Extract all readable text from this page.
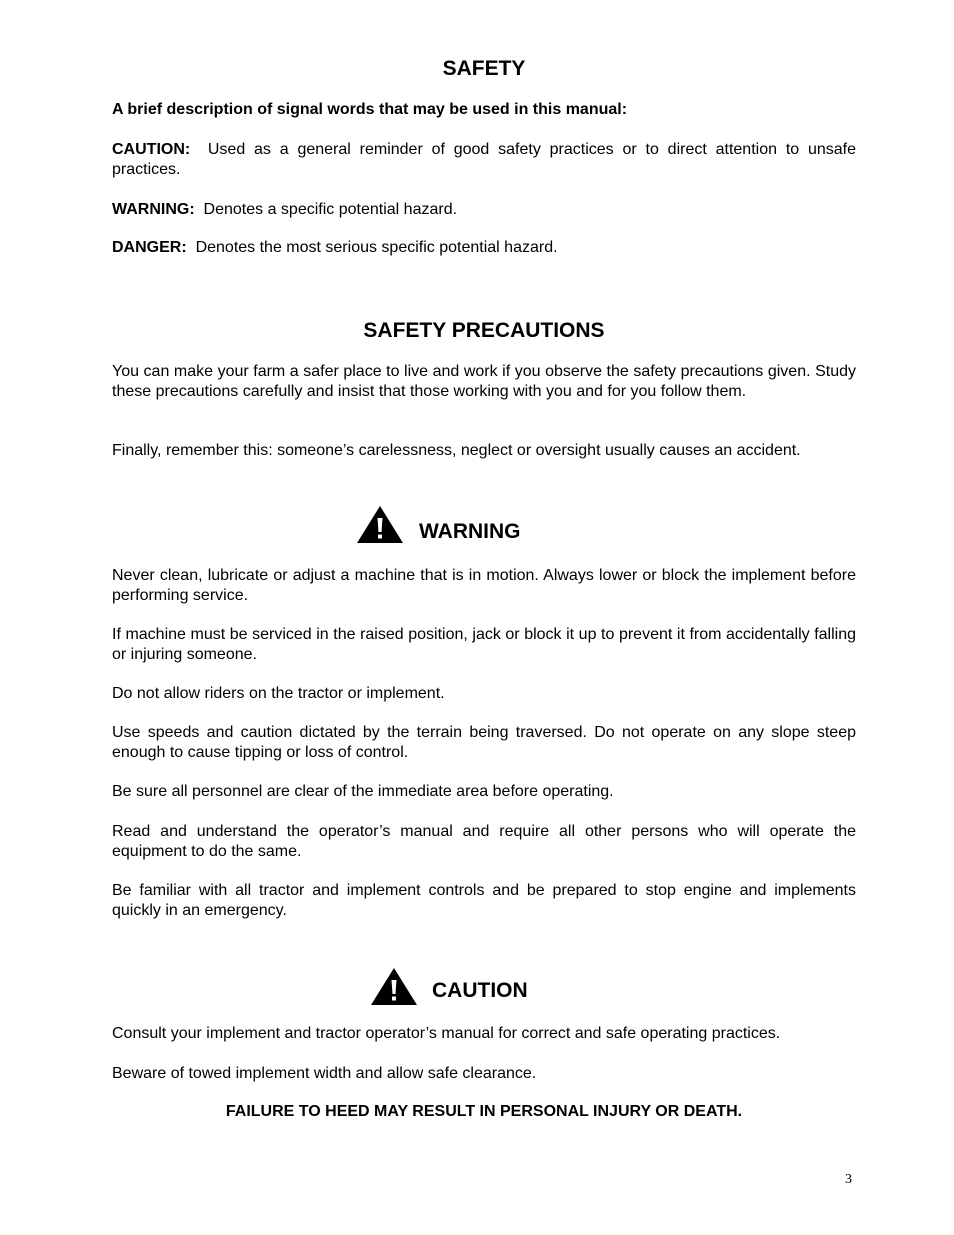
SAFETY

A brief description of signal words that may be used in this manual:

CAUTION: Used as a general reminder of good safety practices or to direct attention to unsafe practices.

WARNING: Denotes a specific potential hazard.

DANGER: Denotes the most serious specific potential hazard.

SAFETY PRECAUTIONS

You can make your farm a safer place to live and work if you observe the safety precautions given. Study these precautions carefully and insist that those working with you and for you follow them.

Finally, remember this: someone’s carelessness, neglect or oversight usually causes an accident.

WARNING

Never clean, lubricate or adjust a machine that is in motion. Always lower or block the implement before performing service.

If machine must be serviced in the raised position, jack or block it up to prevent it from accidentally falling or injuring someone.

Do not allow riders on the tractor or implement.

Use speeds and caution dictated by the terrain being traversed. Do not operate on any slope steep enough to cause tipping or loss of control.

Be sure all personnel are clear of the immediate area before operating.

Read and understand the operator’s manual and require all other persons who will operate the equipment to do the same.

Be familiar with all tractor and implement controls and be prepared to stop engine and implements quickly in an emergency.

CAUTION

Consult your implement and tractor operator’s manual for correct and safe operating practices.

Beware of towed implement width and allow safe clearance.

FAILURE TO HEED MAY RESULT IN PERSONAL INJURY OR DEATH.

3
